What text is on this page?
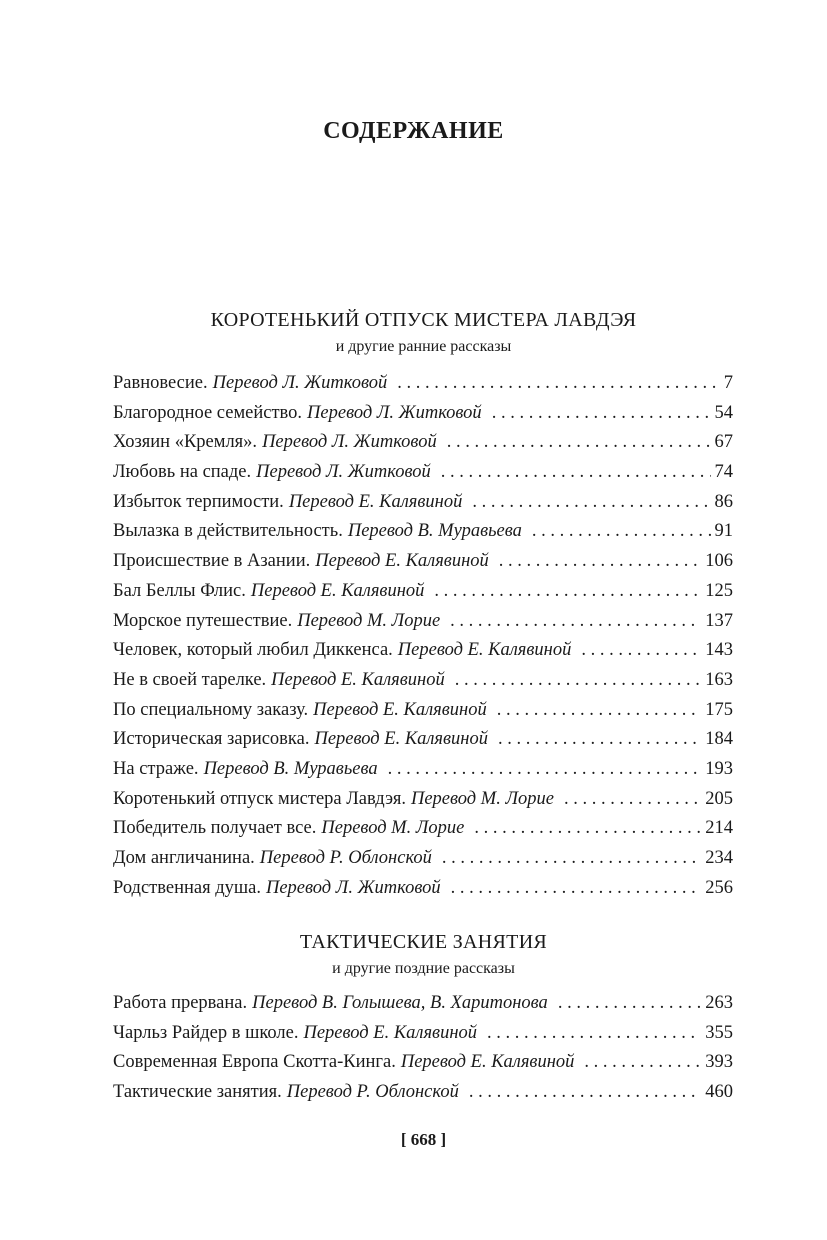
СОДЕРЖАНИЕ
КОРОТЕНЬКИЙ ОТПУСК МИСТЕРА ЛАВДЭЯ
и другие ранние рассказы
Равновесие. Перевод Л. Житковой . . .	7
Благородное семейство. Перевод Л. Житковой . . .	54
Хозяин «Кремля». Перевод Л. Житковой . . .	67
Любовь на спаде. Перевод Л. Житковой . . .	74
Избыток терпимости. Перевод Е. Калявиной . . .	86
Вылазка в действительность. Перевод В. Муравьева . . .	91
Происшествие в Азании. Перевод Е. Калявиной . . .	106
Бал Беллы Флис. Перевод Е. Калявиной . . .	125
Морское путешествие. Перевод М. Лорие . . .	137
Человек, который любил Диккенса. Перевод Е. Калявиной . . .	143
Не в своей тарелке. Перевод Е. Калявиной . . .	163
По специальному заказу. Перевод Е. Калявиной . . .	175
Историческая зарисовка. Перевод Е. Калявиной . . .	184
На страже. Перевод В. Муравьева . . .	193
Коротенький отпуск мистера Лавдэя. Перевод М. Лорие . . .	205
Победитель получает все. Перевод М. Лорие . . .	214
Дом англичанина. Перевод Р. Облонской . . .	234
Родственная душа. Перевод Л. Житковой . . .	256
ТАКТИЧЕСКИЕ ЗАНЯТИЯ
и другие поздние рассказы
Работа прервана. Перевод В. Голышева, В. Харитонова . . .	263
Чарльз Райдер в школе. Перевод Е. Калявиной . . .	355
Современная Европа Скотта-Кинга. Перевод Е. Калявиной . . .	393
Тактические занятия. Перевод Р. Облонской . . .	460
[ 668 ]
